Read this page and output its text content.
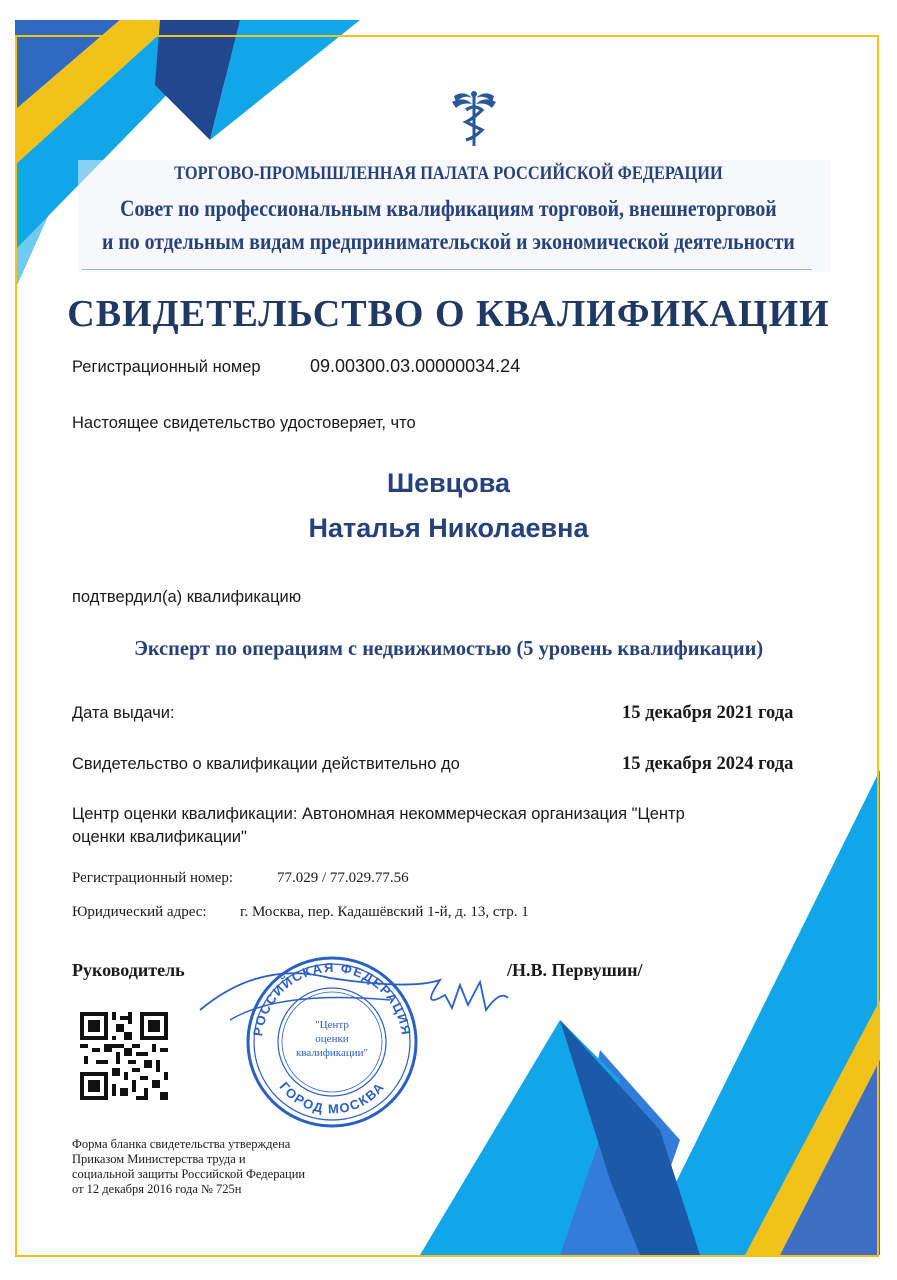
ТОРГОВО-ПРОМЫШЛЕННАЯ ПАЛАТА РОССИЙСКОЙ ФЕДЕРАЦИИ
Совет по профессиональным квалификациям торговой, внешнеторговой
и по отдельным видам предпринимательской и экономической деятельности
СВИДЕТЕЛЬСТВО О КВАЛИФИКАЦИИ
Регистрационный номер	09.00300.03.00000034.24
Настоящее свидетельство удостоверяет, что
Шевцова
Наталья Николаевна
подтвердил(а) квалификацию
Эксперт по операциям с недвижимостью (5 уровень квалификации)
Дата выдачи:	15 декабря 2021 года
Свидетельство о квалификации действительно до	15 декабря 2024 года
Центр оценки квалификации: Автономная некоммерческая организация "Центр
оценки квалификации"
Регистрационный номер:	77.029 / 77.029.77.56
Юридический адрес: г. Москва, пер. Кадашёвский 1-й, д. 13, стр. 1
РОССИЙСКАЯ ФЕДЕРАЦИЯ
ГОРОД МОСКВА
"Центр
оценки
квалификации"
Руководитель	/Н.В. Первушин/
Форма бланка свидетельства утверждена
Приказом Министерства труда и
социальной защиты Российской Федерации
от 12 декабря 2016 года № 725н
